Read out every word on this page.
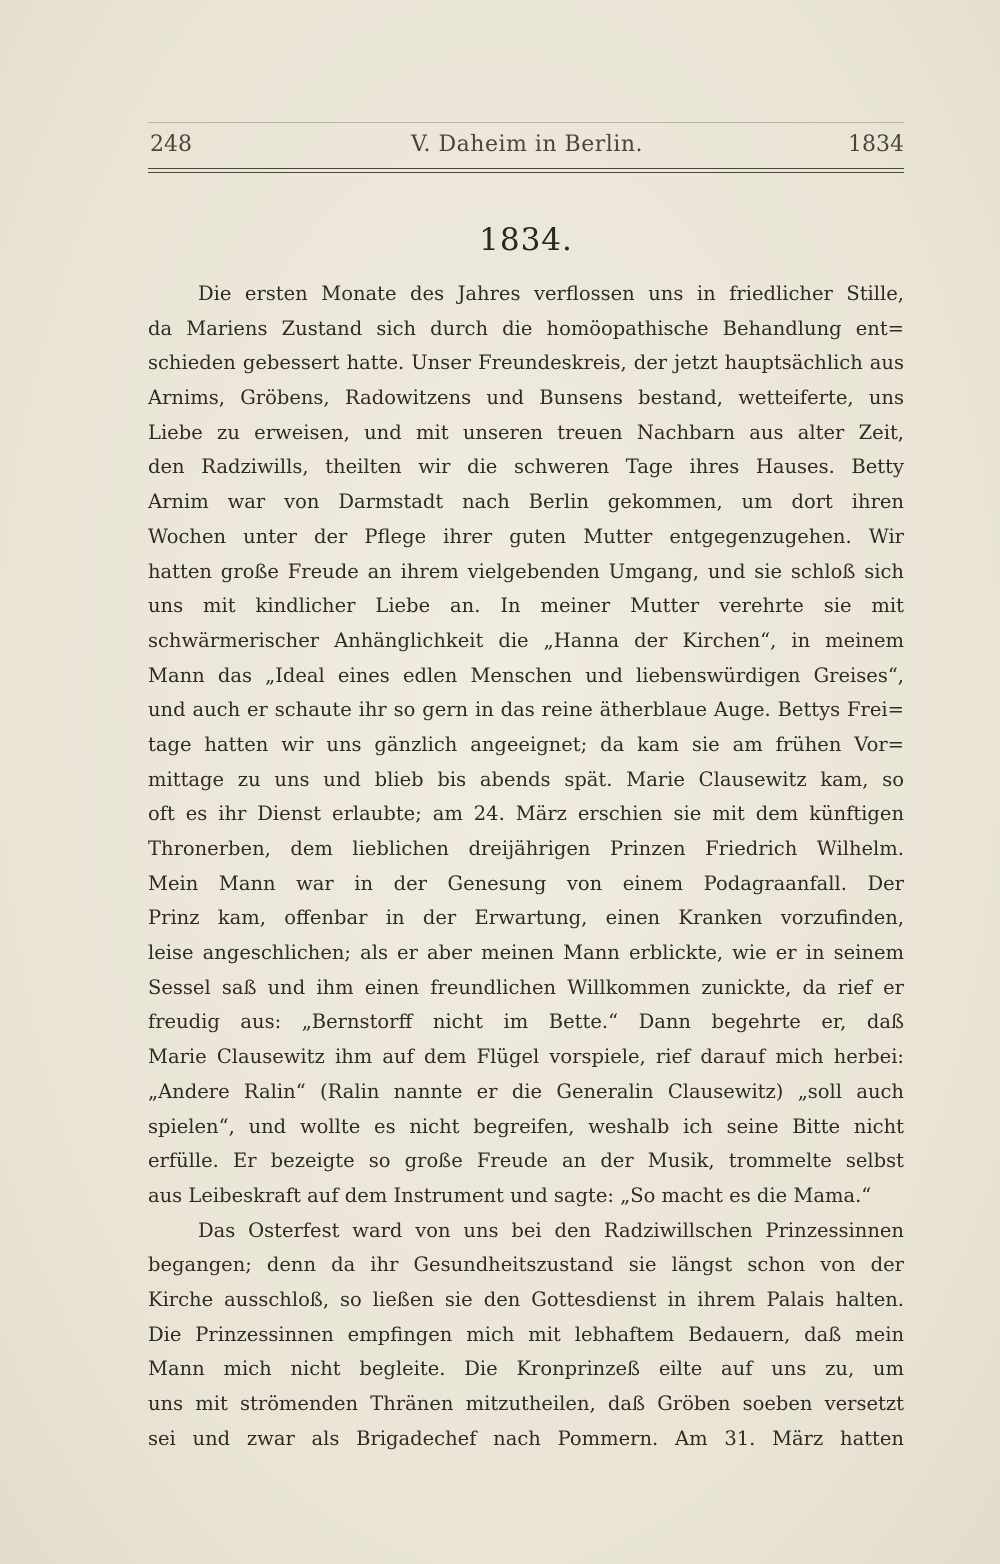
248	V. Daheim in Berlin.	1834
1834.
Die ersten Monate des Jahres verflossen uns in friedlicher Stille,
da Mariens Zustand sich durch die homöopathische Behandlung ent=
schieden gebessert hatte. Unser Freundeskreis, der jetzt hauptsächlich aus
Arnims, Gröbens, Radowitzens und Bunsens bestand, wetteiferte, uns
Liebe zu erweisen, und mit unseren treuen Nachbarn aus alter Zeit,
den Radziwills, theilten wir die schweren Tage ihres Hauses. Betty
Arnim war von Darmstadt nach Berlin gekommen, um dort ihren
Wochen unter der Pflege ihrer guten Mutter entgegenzugehen. Wir
hatten große Freude an ihrem vielgebenden Umgang, und sie schloß sich
uns mit kindlicher Liebe an. In meiner Mutter verehrte sie mit
schwärmerischer Anhänglichkeit die „Hanna der Kirchen“, in meinem
Mann das „Ideal eines edlen Menschen und liebenswürdigen Greises“,
und auch er schaute ihr so gern in das reine ätherblaue Auge. Bettys Frei=
tage hatten wir uns gänzlich angeeignet; da kam sie am frühen Vor=
mittage zu uns und blieb bis abends spät. Marie Clausewitz kam, so
oft es ihr Dienst erlaubte; am 24. März erschien sie mit dem künftigen
Thronerben, dem lieblichen dreijährigen Prinzen Friedrich Wilhelm.
Mein Mann war in der Genesung von einem Podagraanfall. Der
Prinz kam, offenbar in der Erwartung, einen Kranken vorzufinden,
leise angeschlichen; als er aber meinen Mann erblickte, wie er in seinem
Sessel saß und ihm einen freundlichen Willkommen zunickte, da rief er
freudig aus: „Bernstorff nicht im Bette.“ Dann begehrte er, daß
Marie Clausewitz ihm auf dem Flügel vorspiele, rief darauf mich herbei:
„Andere Ralin“ (Ralin nannte er die Generalin Clausewitz) „soll auch
spielen“, und wollte es nicht begreifen, weshalb ich seine Bitte nicht
erfülle. Er bezeigte so große Freude an der Musik, trommelte selbst
aus Leibeskraft auf dem Instrument und sagte: „So macht es die Mama.“
Das Osterfest ward von uns bei den Radziwillschen Prinzessinnen
begangen; denn da ihr Gesundheitszustand sie längst schon von der
Kirche ausschloß, so ließen sie den Gottesdienst in ihrem Palais halten.
Die Prinzessinnen empfingen mich mit lebhaftem Bedauern, daß mein
Mann mich nicht begleite. Die Kronprinzeß eilte auf uns zu, um
uns mit strömenden Thränen mitzutheilen, daß Gröben soeben versetzt
sei und zwar als Brigadechef nach Pommern. Am 31. März hatten
